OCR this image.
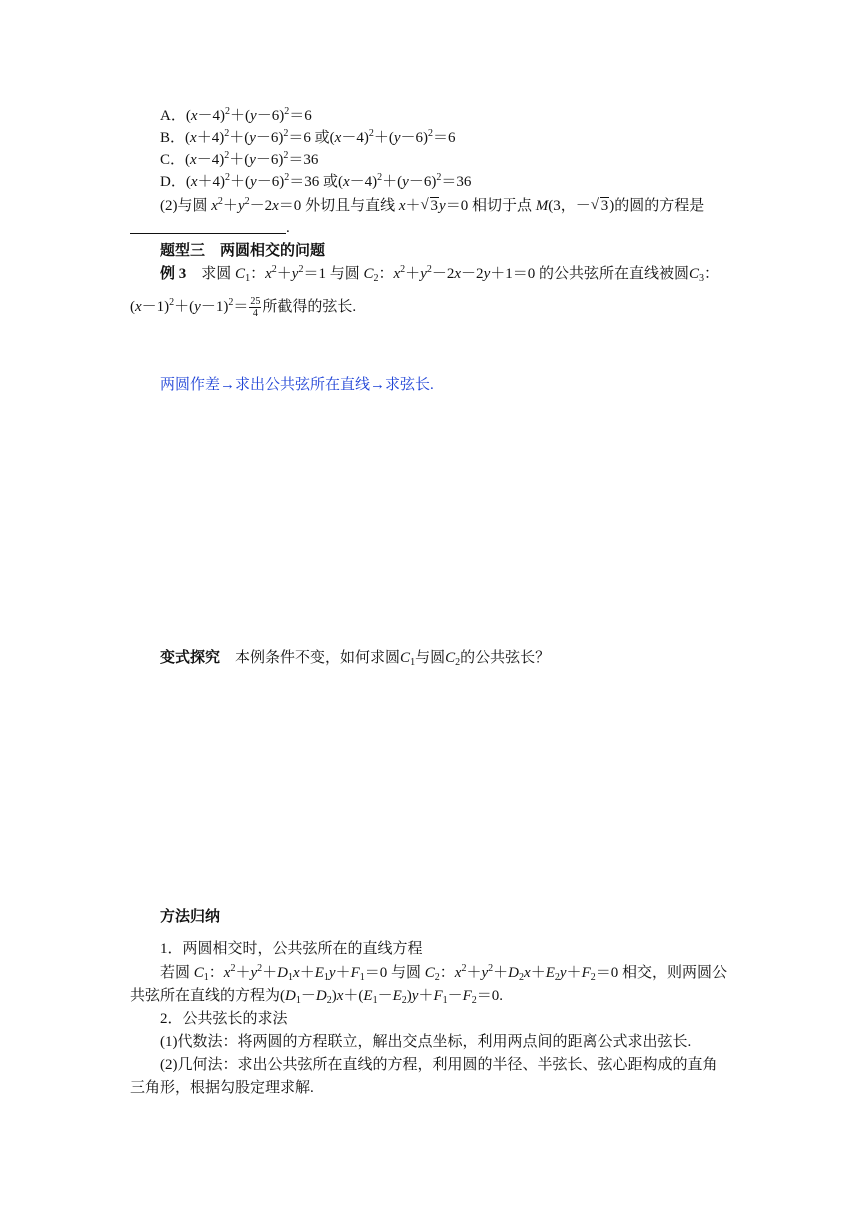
A．$(x-4)^2+(y-6)^2=6$
B．$(x+4)^2+(y-6)^2=6$ 或$(x-4)^2+(y-6)^2=6$
C．$(x-4)^2+(y-6)^2=36$
D．$(x+4)^2+(y-6)^2=36$ 或$(x-4)^2+(y-6)^2=36$
(2)与圆 $x^2+y^2-2x=0$ 外切且与直线 x＋ √ 3y＝0 相切于点 M(3，－ √ 3)的圆的方程是
.
题型三　两圆相交的问题
例 3　 求圆 $C_1$：$x^2+y^2=1$ 与圆 $C_2$：$x^2+y^2-2x-2y+1=0$ 的公共弦所在直线被圆$C_3$：
$(x-1)^2+(y-1)^2= \frac{25}{4}$ 所截得的弦长.
两圆作差→求出公共弦所在直线→求弦长.
变式探究　 本例条件不变，如何求圆$C_1$与圆$C_2$的公共弦长？
方法归纳
1．两圆相交时，公共弦所在的直线方程
若圆 $C_1$：$x^2+y^2+D_1x+E_1y+F_1=0$ 与圆 $C_2$：$x^2+y^2+D_2x+E_2y+F_2=0$ 相交，则两圆公
共弦所在直线的方程为$(D_1-D_2)x+(E_1-E_2)y+F_1-F_2=0$.
2．公共弦长的求法
(1)代数法：将两圆的方程联立，解出交点坐标，利用两点间的距离公式求出弦长.
(2)几何法：求出公共弦所在直线的方程，利用圆的半径、半弦长、弦心距构成的直角
三角形，根据勾股定理求解.
